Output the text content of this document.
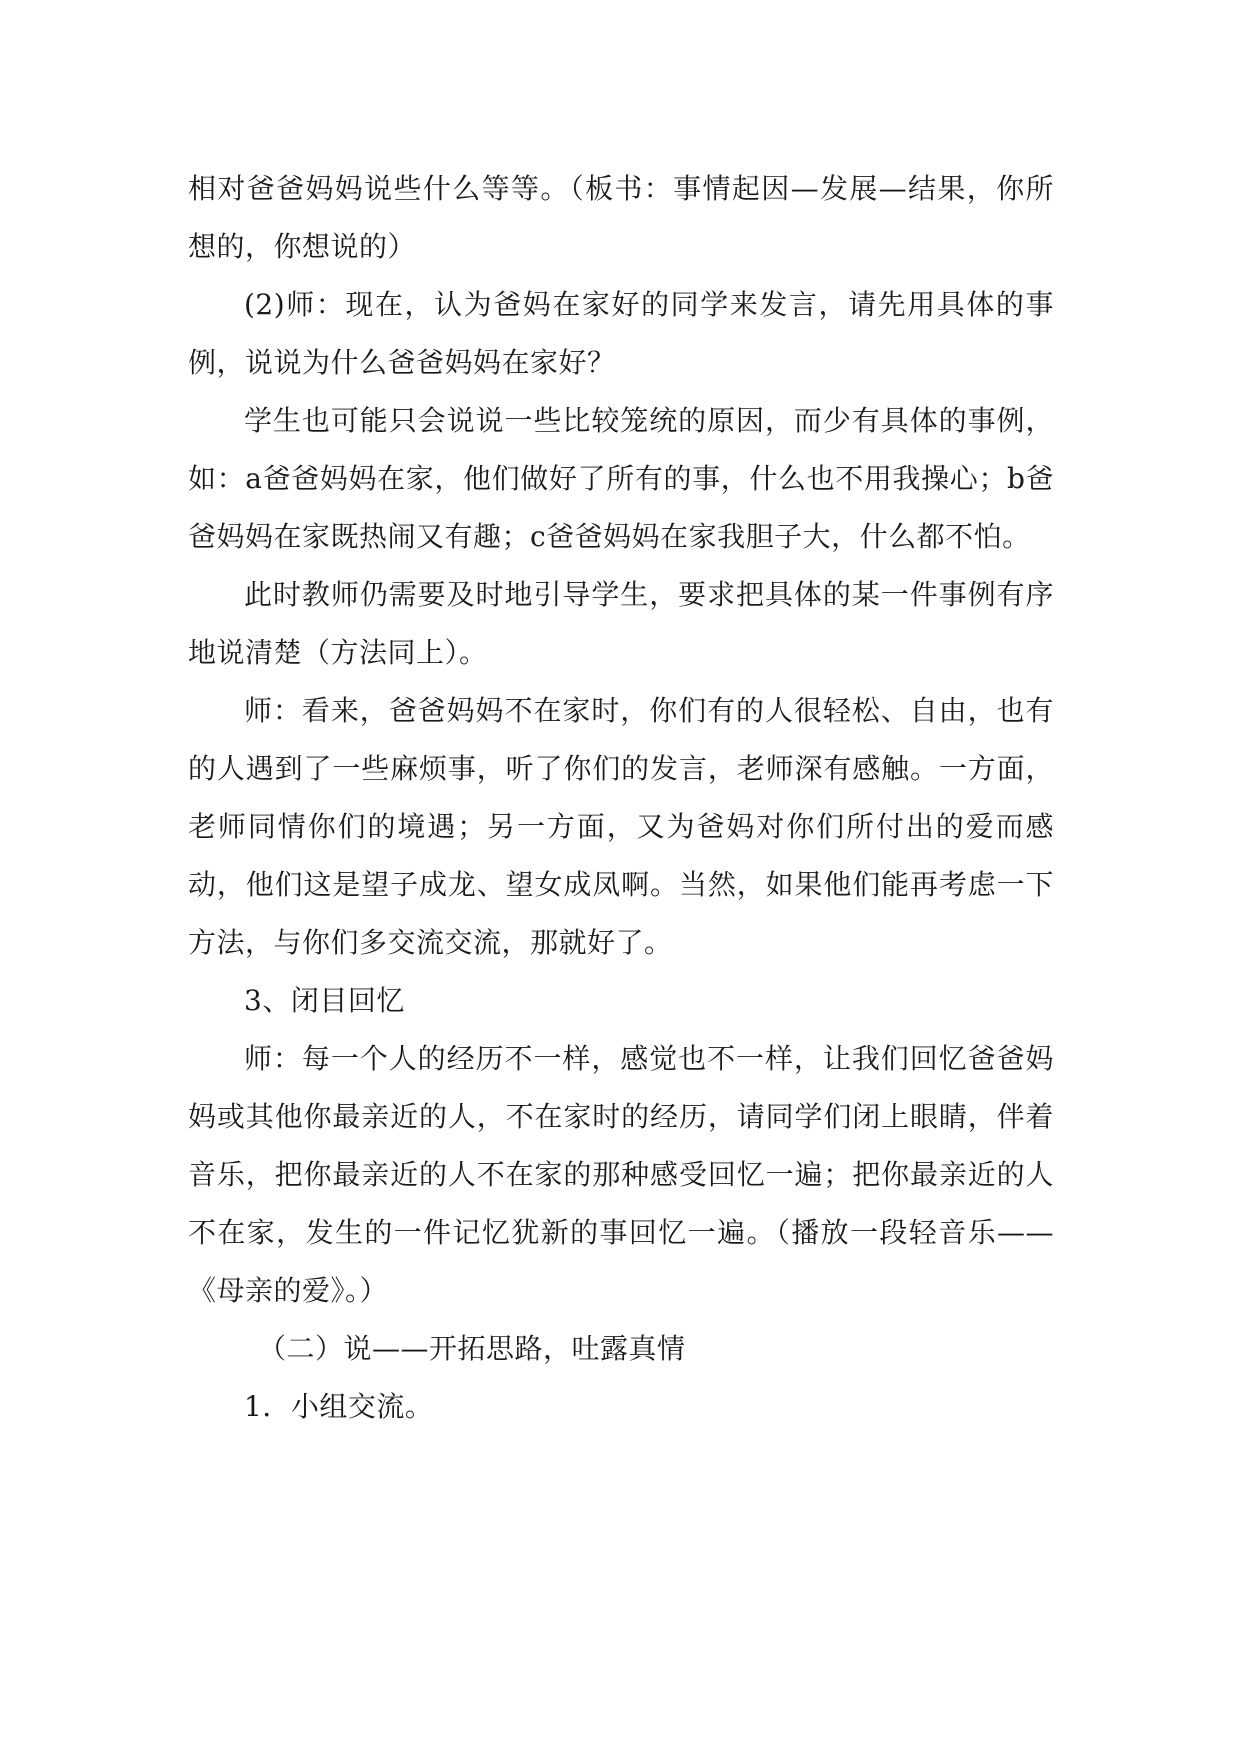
相对爸爸妈妈说些什么等等。（板书：事情起因—发展—结果，你所想的，你想说的）

(2)师：现在，认为爸妈在家好的同学来发言，请先用具体的事例，说说为什么爸爸妈妈在家好？

学生也可能只会说说一些比较笼统的原因，而少有具体的事例，如：a爸爸妈妈在家，他们做好了所有的事，什么也不用我操心；b爸爸妈妈在家既热闹又有趣；c爸爸妈妈在家我胆子大，什么都不怕。

此时教师仍需要及时地引导学生，要求把具体的某一件事例有序地说清楚（方法同上）。

师：看来，爸爸妈妈不在家时，你们有的人很轻松、自由，也有的人遇到了一些麻烦事，听了你们的发言，老师深有感触。一方面，老师同情你们的境遇；另一方面，又为爸妈对你们所付出的爱而感动，他们这是望子成龙、望女成凤啊。当然，如果他们能再考虑一下方法，与你们多交流交流，那就好了。

3、闭目回忆

师：每一个人的经历不一样，感觉也不一样，让我们回忆爸爸妈妈或其他你最亲近的人，不在家时的经历，请同学们闭上眼睛，伴着音乐，把你最亲近的人不在家的那种感受回忆一遍；把你最亲近的人不在家，发生的一件记忆犹新的事回忆一遍。（播放一段轻音乐——《母亲的爱》。）

（二）说——开拓思路，吐露真情

1．小组交流。
